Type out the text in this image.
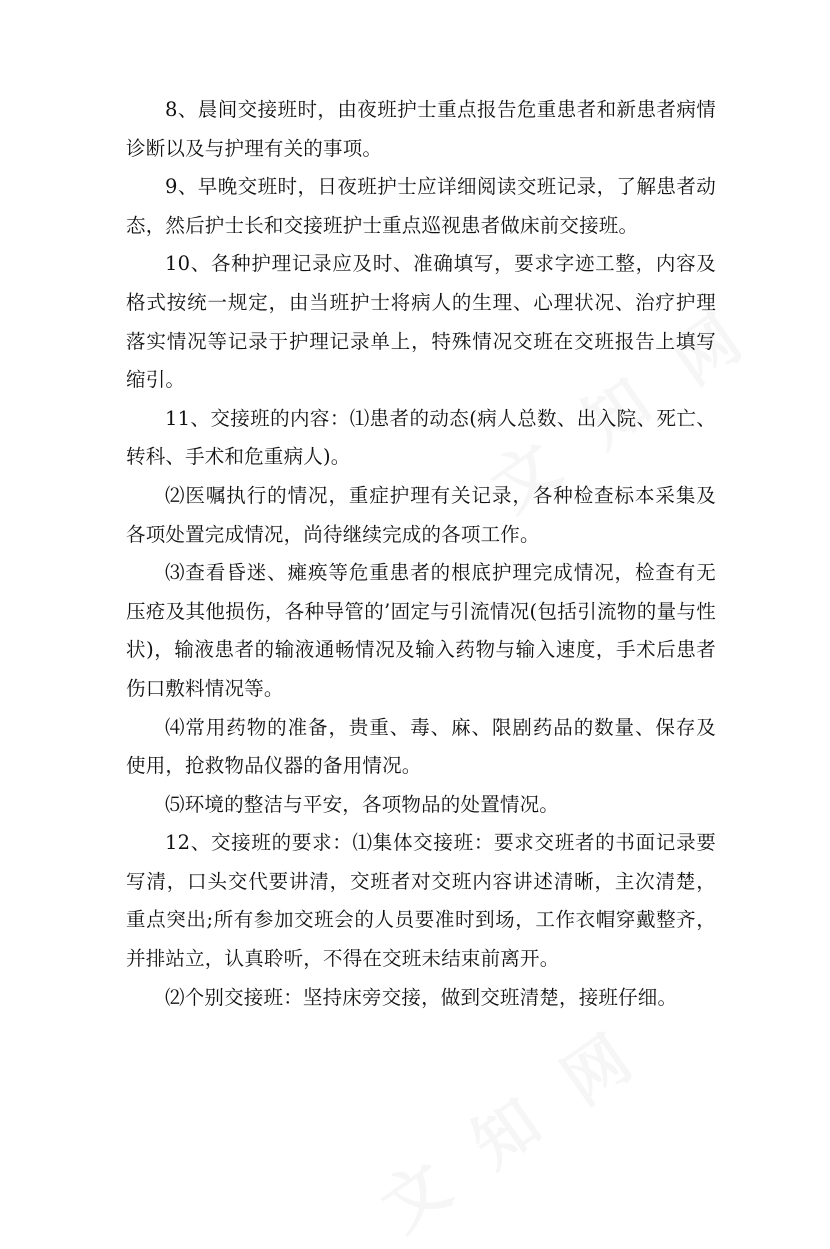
8、晨间交接班时，由夜班护士重点报告危重患者和新患者病情诊断以及与护理有关的事项。

9、早晚交班时，日夜班护士应详细阅读交班记录，了解患者动态，然后护士长和交接班护士重点巡视患者做床前交接班。

10、各种护理记录应及时、准确填写，要求字迹工整，内容及格式按统一规定，由当班护士将病人的生理、心理状况、治疗护理落实情况等记录于护理记录单上，特殊情况交班在交班报告上填写缩引。

11、交接班的内容：⑴患者的动态(病人总数、出入院、死亡、转科、手术和危重病人)。

⑵医嘱执行的情况，重症护理有关记录，各种检查标本采集及各项处置完成情况，尚待继续完成的各项工作。

⑶查看昏迷、瘫痪等危重患者的根底护理完成情况，检查有无压疮及其他损伤，各种导管的’固定与引流情况(包括引流物的量与性状)，输液患者的输液通畅情况及输入药物与输入速度，手术后患者伤口敷料情况等。

⑷常用药物的准备，贵重、毒、麻、限剧药品的数量、保存及使用，抢救物品仪器的备用情况。

⑸环境的整洁与平安，各项物品的处置情况。

12、交接班的要求：⑴集体交接班：要求交班者的书面记录要写清，口头交代要讲清，交班者对交班内容讲述清晰，主次清楚，重点突出;所有参加交班会的人员要准时到场，工作衣帽穿戴整齐，并排站立，认真聆听，不得在交班未结束前离开。

⑵个别交接班：坚持床旁交接，做到交班清楚，接班仔细。
